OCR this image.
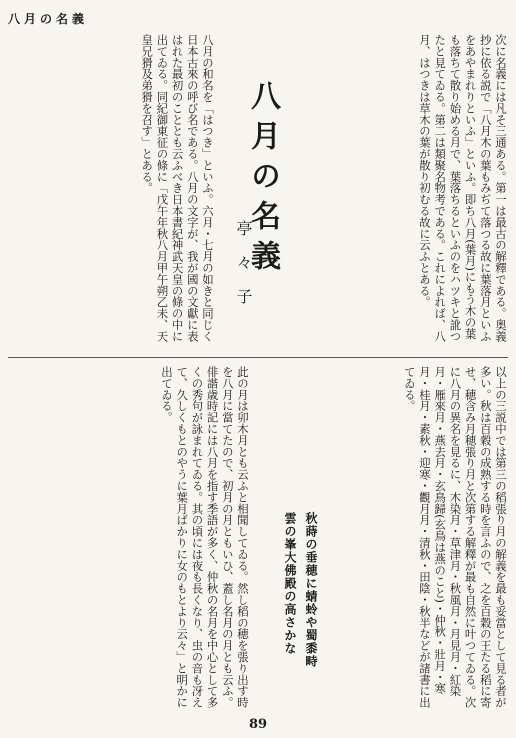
八月の名義

次に名義には凡そ三通ある。第一は最古の解釋である。奥義抄に依る説で「八月木の葉もみぢて落つる故に葉落月といふをあやまれりといふ」といふ。即ち八月(葉月)にもう木の葉も落ちて散り始める月で、葉落ちるといふのをハツキと訛つたと見てゐる。第二は類聚名物考である。これによれば、八月、はつきは草木の葉が散り初むる故に云ふとある。

八月の名義
亭々子

八月の和名を「はつき」といふ。六月・七月の如きと同じく日本古來の呼び名である。八月の文字が、我が國の文獻に表はれた最初のこととも云ふべき日本書紀神武天皇の條の中に出てゐる。同紀御東征の條に「戊午年秋八月甲午朔乙未、天皇兄猾及弟猾を召す」とある。

以上の三説中では第三の稻張り月の解義を最も妥當として見る者が多い。秋は百穀の成熟する時を言ふので、之を百穀の王たる稻に寄せ、穂含み月穂張り月と次第する解釋が最も自然に叶つてゐる。次に八月の異名を見るに、木染月・草津月・秋風月・月見月・紅染月・雁來月・燕去月・玄鳥歸(玄鳥は燕のこと)・仲秋・壯月・寒月・桂月・素秋・迎寒・觀月月・清秋・田陰・秋半などが諸書に出てゐる。

秋蒔の垂穂に蜻蛉や蜀黍畤
雲の峯大佛殿の高さかな

此の月は卯木月とも云ふと相聞してゐる。然し稻の穂を張り出す時を八月に當てたので、初月の月ともいひ、蓋し名月の月とも云ふ。俳諧歳時記には八月を指す季語が多く、仲秋の名月を中心として多くの秀句が詠まれてゐる。其の頃には夜も長くなり、虫の音も冴えて、久しくもとのやうに葉月ばかりに女のもとより云々」と明かに出てゐる。

89
